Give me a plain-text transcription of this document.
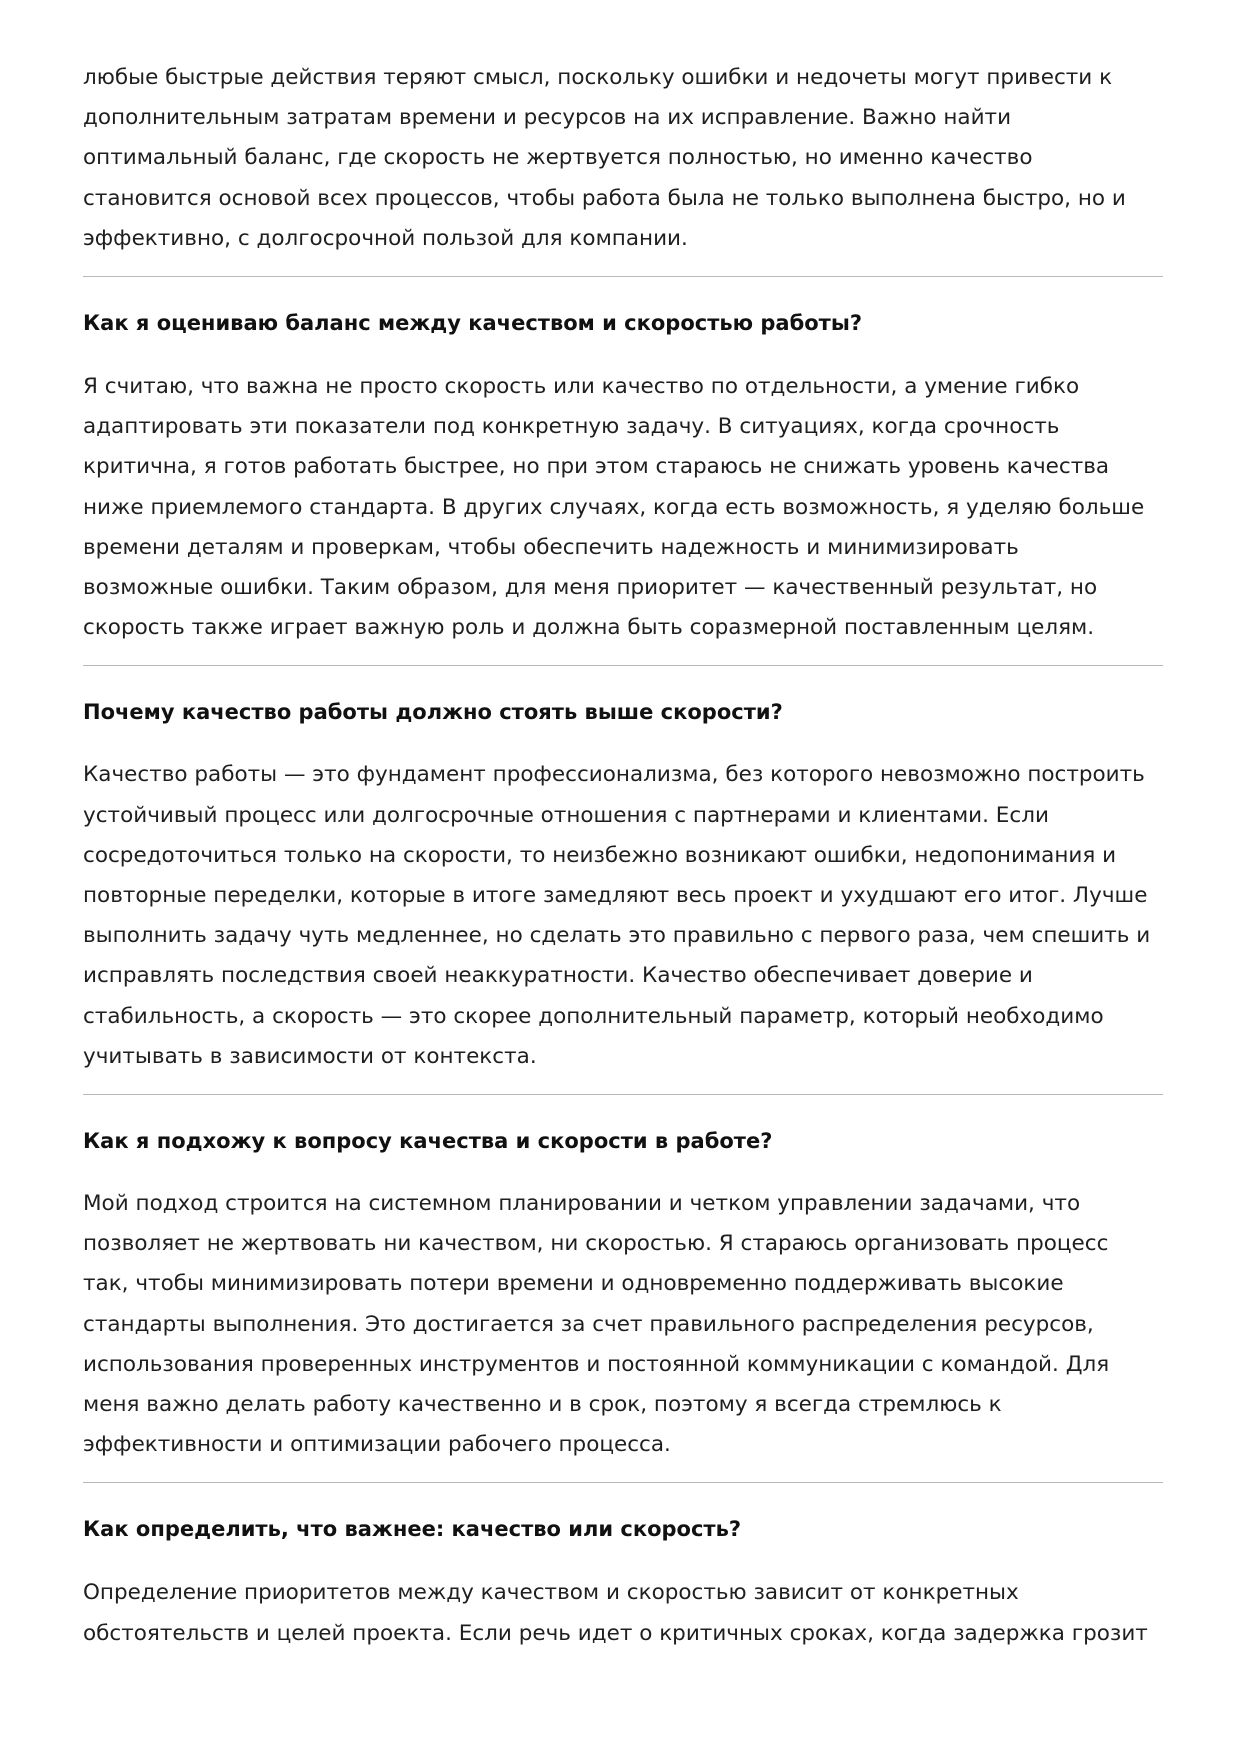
любые быстрые действия теряют смысл, поскольку ошибки и недочеты могут привести к
дополнительным затратам времени и ресурсов на их исправление. Важно найти
оптимальный баланс, где скорость не жертвуется полностью, но именно качество
становится основой всех процессов, чтобы работа была не только выполнена быстро, но и
эффективно, с долгосрочной пользой для компании.

Как я оцениваю баланс между качеством и скоростью работы?

Я считаю, что важна не просто скорость или качество по отдельности, а умение гибко
адаптировать эти показатели под конкретную задачу. В ситуациях, когда срочность
критична, я готов работать быстрее, но при этом стараюсь не снижать уровень качества
ниже приемлемого стандарта. В других случаях, когда есть возможность, я уделяю больше
времени деталям и проверкам, чтобы обеспечить надежность и минимизировать
возможные ошибки. Таким образом, для меня приоритет — качественный результат, но
скорость также играет важную роль и должна быть соразмерной поставленным целям.

Почему качество работы должно стоять выше скорости?

Качество работы — это фундамент профессионализма, без которого невозможно построить
устойчивый процесс или долгосрочные отношения с партнерами и клиентами. Если
сосредоточиться только на скорости, то неизбежно возникают ошибки, недопонимания и
повторные переделки, которые в итоге замедляют весь проект и ухудшают его итог. Лучше
выполнить задачу чуть медленнее, но сделать это правильно с первого раза, чем спешить и
исправлять последствия своей неаккуратности. Качество обеспечивает доверие и
стабильность, а скорость — это скорее дополнительный параметр, который необходимо
учитывать в зависимости от контекста.

Как я подхожу к вопросу качества и скорости в работе?

Мой подход строится на системном планировании и четком управлении задачами, что
позволяет не жертвовать ни качеством, ни скоростью. Я стараюсь организовать процесс
так, чтобы минимизировать потери времени и одновременно поддерживать высокие
стандарты выполнения. Это достигается за счет правильного распределения ресурсов,
использования проверенных инструментов и постоянной коммуникации с командой. Для
меня важно делать работу качественно и в срок, поэтому я всегда стремлюсь к
эффективности и оптимизации рабочего процесса.

Как определить, что важнее: качество или скорость?

Определение приоритетов между качеством и скоростью зависит от конкретных
обстоятельств и целей проекта. Если речь идет о критичных сроках, когда задержка грозит
